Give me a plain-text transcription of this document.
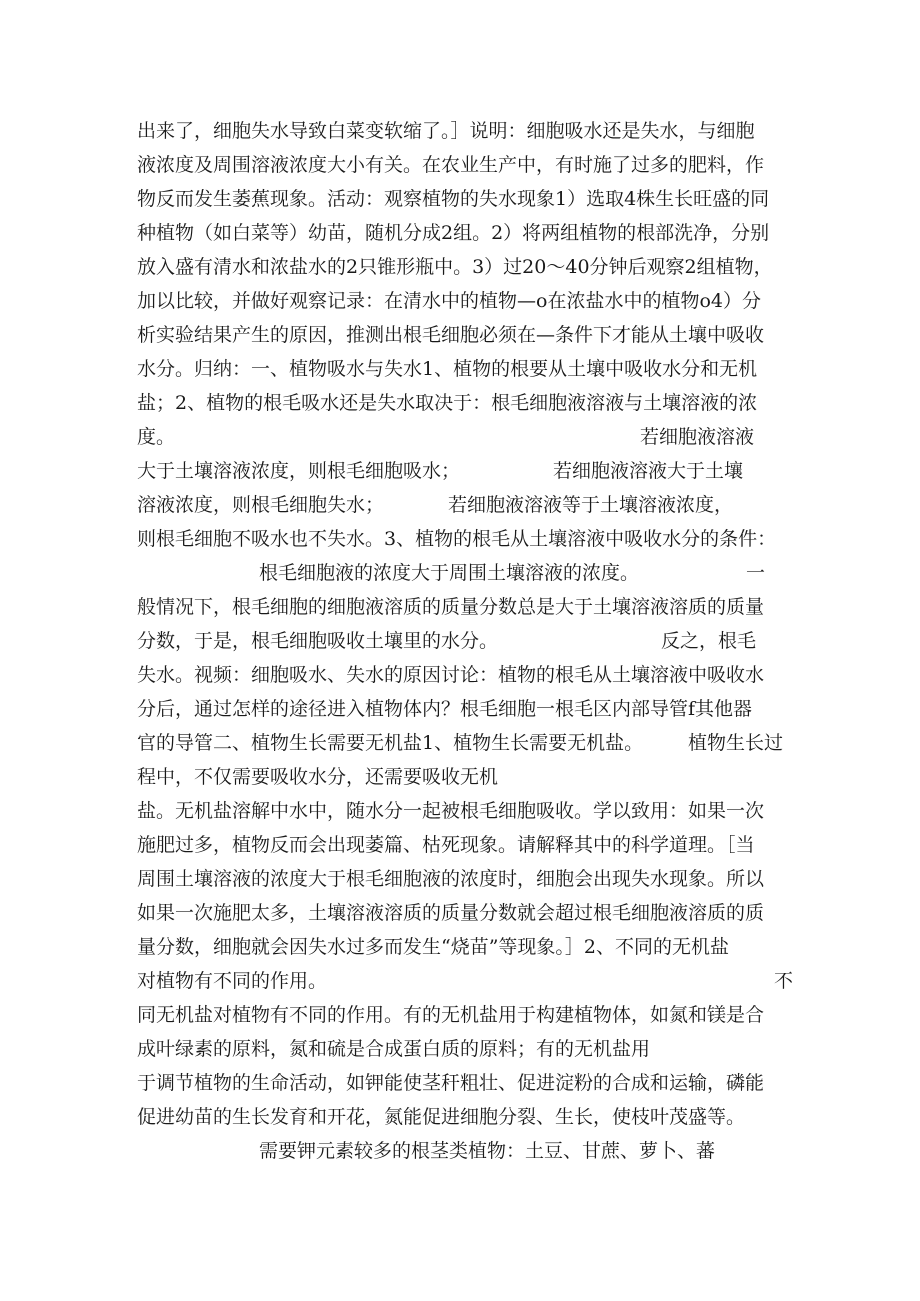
出来了，细胞失水导致白菜变软缩了。］说明：细胞吸水还是失水，与细胞
液浓度及周围溶液浓度大小有关。在农业生产中，有时施了过多的肥料，作
物反而发生萎蕉现象。活动：观察植物的失水现象1）选取4株生长旺盛的同
种植物（如白菜等）幼苗，随机分成2组。2）将两组植物的根部洗净，分别
放入盛有清水和浓盐水的2只锥形瓶中。3）过20〜40分钟后观察2组植物，
加以比较，并做好观察记录：在清水中的植物—o在浓盐水中的植物o4）分
析实验结果产生的原因，推测出根毛细胞必须在—条件下才能从土壤中吸收
水分。归纳：一、植物吸水与失水1、植物的根要从土壤中吸收水分和无机
盐；2、植物的根毛吸水还是失水取决于：根毛细胞液溶液与土壤溶液的浓
度。	若细胞液溶液
大于土壤溶液浓度，则根毛细胞吸水；	若细胞液溶液大于土壤
溶液浓度，则根毛细胞失水；	若细胞液溶液等于土壤溶液浓度，
则根毛细胞不吸水也不失水。3、植物的根毛从土壤溶液中吸收水分的条件：
根毛细胞液的浓度大于周围土壤溶液的浓度。	一
般情况下，根毛细胞的细胞液溶质的质量分数总是大于土壤溶液溶质的质量
分数，于是，根毛细胞吸收土壤里的水分。	反之，根毛
失水。视频：细胞吸水、失水的原因讨论：植物的根毛从土壤溶液中吸收水
分后，通过怎样的途径进入植物体内？根毛细胞一根毛区内部导管f其他器
官的导管二、植物生长需要无机盐1、植物生长需要无机盐。 植物生长过
程中，不仅需要吸收水分，还需要吸收无机
盐。无机盐溶解中水中，随水分一起被根毛细胞吸收。学以致用：如果一次
施肥过多，植物反而会出现萎篇、枯死现象。请解释其中的科学道理。［当
周围土壤溶液的浓度大于根毛细胞液的浓度时，细胞会出现失水现象。所以
如果一次施肥太多，土壤溶液溶质的质量分数就会超过根毛细胞液溶质的质
量分数，细胞就会因失水过多而发生“烧苗”等现象。］2、不同的无机盐
对植物有不同的作用。	不
同无机盐对植物有不同的作用。有的无机盐用于构建植物体，如氮和镁是合
成叶绿素的原料，氮和硫是合成蛋白质的原料；有的无机盐用
于调节植物的生命活动，如钾能使茎秆粗壮、促进淀粉的合成和运输，磷能
促进幼苗的生长发育和开花，氮能促进细胞分裂、生长，使枝叶茂盛等。
需要钾元素较多的根茎类植物：土豆、甘蔗、萝卜、蕃
